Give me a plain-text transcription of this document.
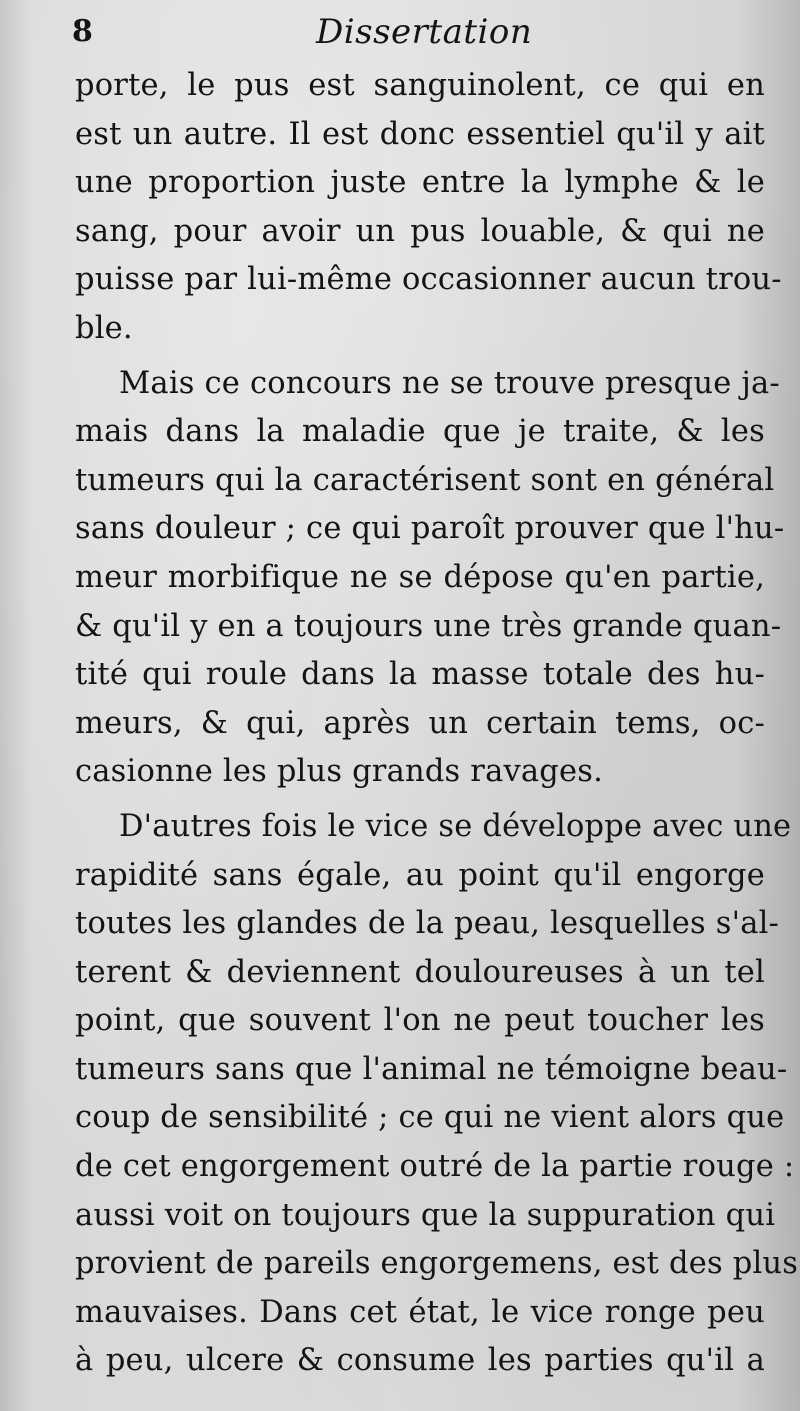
8	Dissertation
porte, le pus est sanguinolent, ce qui en
est un autre. Il est donc essentiel qu'il y ait
une proportion juste entre la lymphe & le
sang, pour avoir un pus louable, & qui ne
puisse par lui-même occasionner aucun trou-
ble.
Mais ce concours ne se trouve presque ja-
mais dans la maladie que je traite, & les
tumeurs qui la caractérisent sont en général
sans douleur ; ce qui paroît prouver que l'hu-
meur morbifique ne se dépose qu'en partie,
& qu'il y en a toujours une très grande quan-
tité qui roule dans la masse totale des hu-
meurs, & qui, après un certain tems, oc-
casionne les plus grands ravages.
D'autres fois le vice se développe avec une
rapidité sans égale, au point qu'il engorge
toutes les glandes de la peau, lesquelles s'al-
terent & deviennent douloureuses à un tel
point, que souvent l'on ne peut toucher les
tumeurs sans que l'animal ne témoigne beau-
coup de sensibilité ; ce qui ne vient alors que
de cet engorgement outré de la partie rouge :
aussi voit on toujours que la suppuration qui
provient de pareils engorgemens, est des plus
mauvaises. Dans cet état, le vice ronge peu
à peu, ulcere & consume les parties qu'il a
